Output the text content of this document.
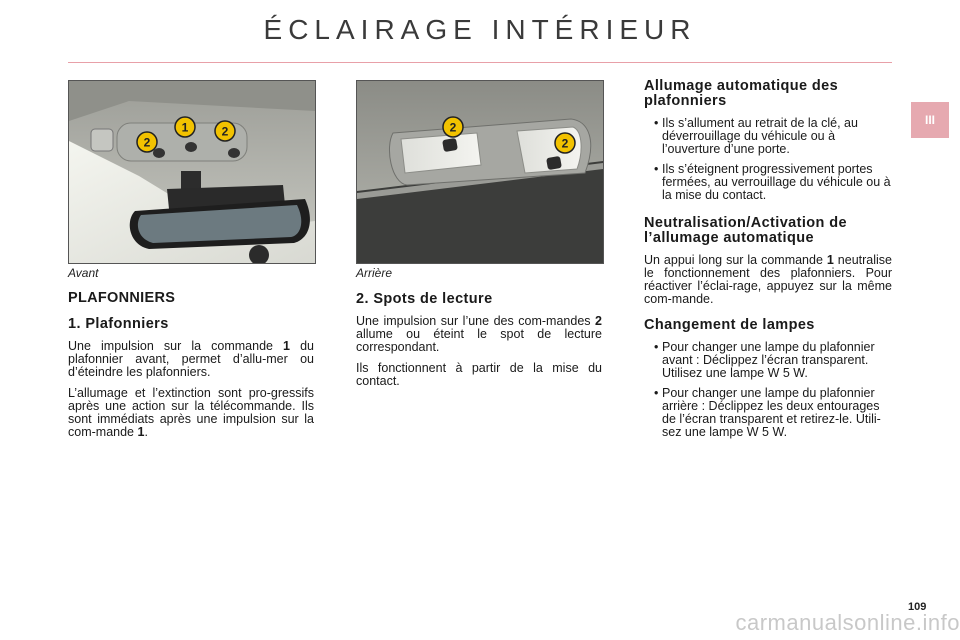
ÉCLAIRAGE INTÉRIEUR
III
2
1	2
Avant
2
2
Arrière
PLAFONNIERS
1. Plafonniers

Une impulsion sur la commande 1 du plafonnier avant, permet d’allu-mer ou d’éteindre les plafonniers.

L’allumage et l’extinction sont pro-gressifs après une action sur la télécommande. Ils sont immédiats après une impulsion sur la com-mande 1.

2. Spots de lecture

Une impulsion sur l’une des com-mandes 2 allume ou éteint le spot de lecture correspondant.

Ils fonctionnent à partir de la mise du contact.

Allumage automatique des plafonniers
• Ils s’allument au retrait de la clé, au déverrouillage du véhicule ou à l’ouverture d’une porte.
• Ils s’éteignent progressivement portes fermées, au verrouillage du véhicule ou à la mise du contact.
Neutralisation/Activation de l’allumage automatique

Un appui long sur la commande 1 neutralise le fonctionnement des plafonniers. Pour réactiver l’éclai-rage, appuyez sur la même com-mande.

Changement de lampes
• Pour changer une lampe du plafonnier avant : Déclippez l’écran transparent. Utilisez une lampe W 5 W.
• Pour changer une lampe du plafonnier arrière : Déclippez les deux entourages de l’écran transparent et retirez-le. Utili-sez une lampe W 5 W.
109
carmanualsonline.info
